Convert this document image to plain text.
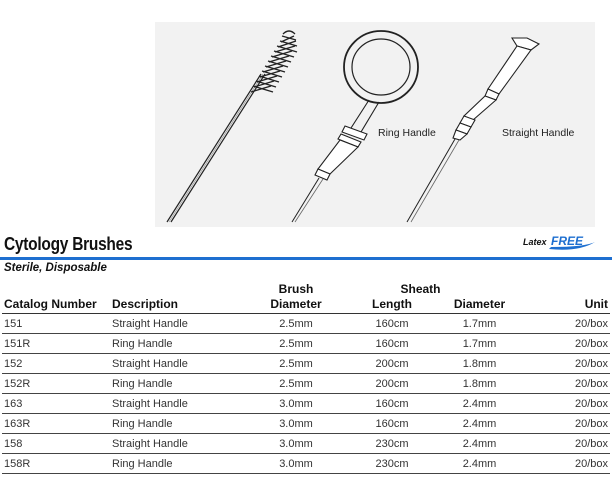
Ring Handle	Straight Handle
Cytology Brushes

Sterile, Disposable

Latex FREE
		Brush	Sheath		
Catalog Number	Description	Diameter	Length	Diameter	Unit
151	Straight Handle	2.5mm	160cm	1.7mm	20/box
151R	Ring Handle	2.5mm	160cm	1.7mm	20/box
152	Straight Handle	2.5mm	200cm	1.8mm	20/box
152R	Ring Handle	2.5mm	200cm	1.8mm	20/box
163	Straight Handle	3.0mm	160cm	2.4mm	20/box
163R	Ring Handle	3.0mm	160cm	2.4mm	20/box
158	Straight Handle	3.0mm	230cm	2.4mm	20/box
158R	Ring Handle	3.0mm	230cm	2.4mm	20/box
